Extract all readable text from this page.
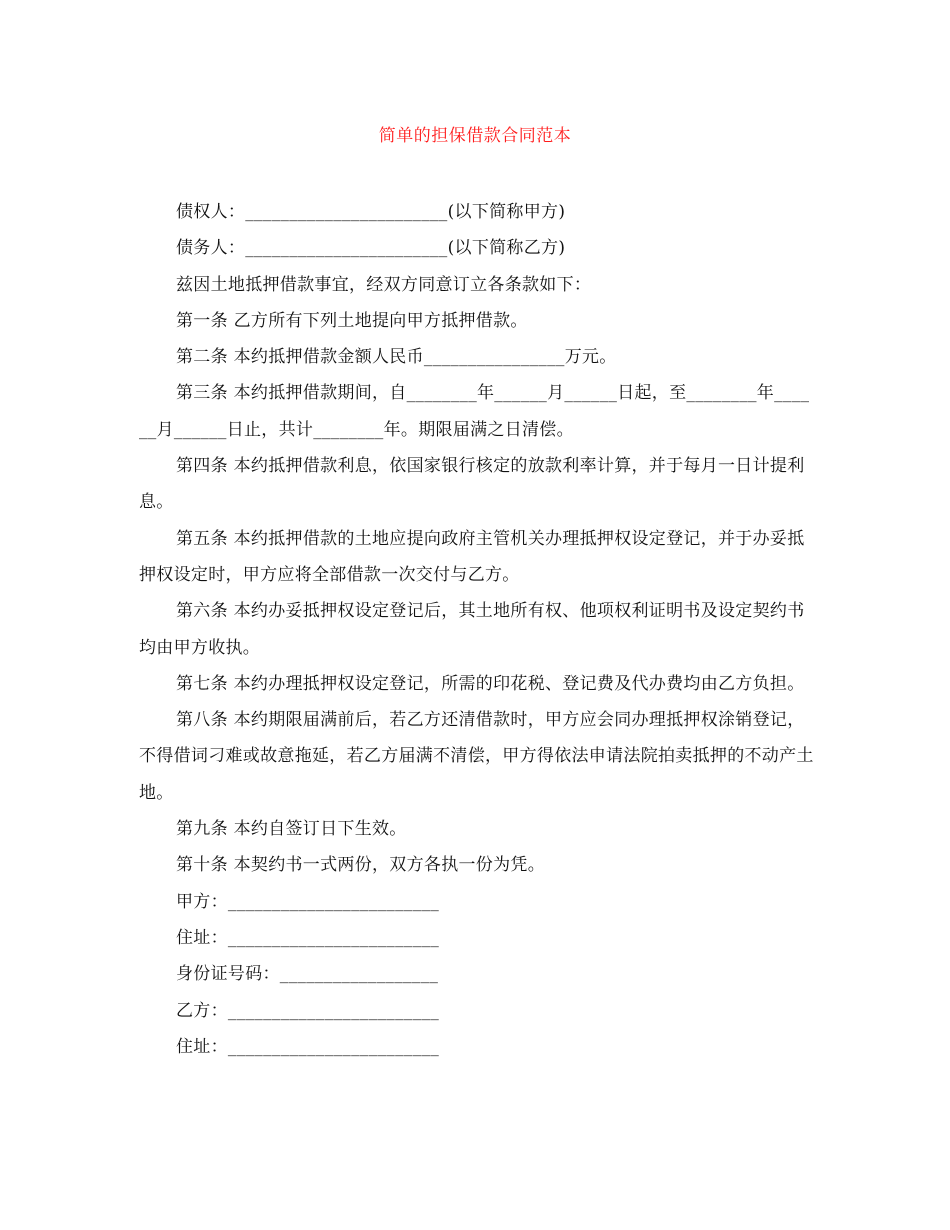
简单的担保借款合同范本

债权人：_______________________(以下简称甲方)

债务人：_______________________(以下简称乙方)

兹因土地抵押借款事宜，经双方同意订立各条款如下：

第一条 乙方所有下列土地提向甲方抵押借款。

第二条 本约抵押借款金额人民币________________万元。

第三条 本约抵押借款期间，自________年______月______日起，至________年______月______日止，共计________年。期限届满之日清偿。

第四条 本约抵押借款利息，依国家银行核定的放款利率计算，并于每月一日计提利息。

第五条 本约抵押借款的土地应提向政府主管机关办理抵押权设定登记，并于办妥抵押权设定时，甲方应将全部借款一次交付与乙方。

第六条 本约办妥抵押权设定登记后，其土地所有权、他项权利证明书及设定契约书均由甲方收执。

第七条 本约办理抵押权设定登记，所需的印花税、登记费及代办费均由乙方负担。

第八条 本约期限届满前后，若乙方还清借款时，甲方应会同办理抵押权涂销登记，不得借词刁难或故意拖延，若乙方届满不清偿，甲方得依法申请法院拍卖抵押的不动产土地。

第九条 本约自签订日下生效。

第十条 本契约书一式两份，双方各执一份为凭。

甲方：________________________

住址：________________________

身份证号码：__________________

乙方：________________________

住址：________________________
